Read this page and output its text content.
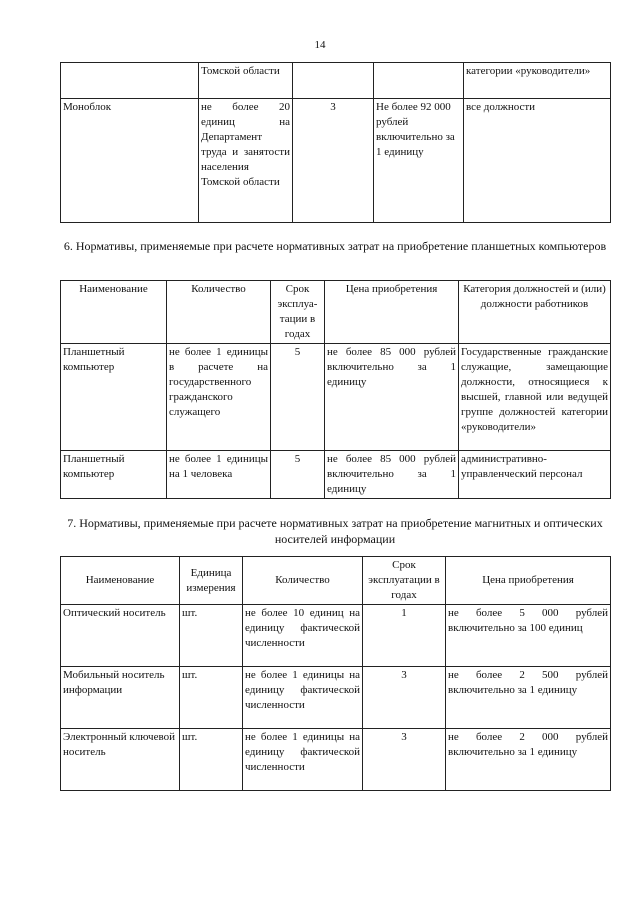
14
	Томской области			категории «руководители»
Моноблок	не более 20 единиц на Департамент труда и занятости населения Томской области	3	Не более 92 000 рублей включительно за 1 единицу	все должности
6. Нормативы, применяемые при расчете нормативных затрат на приобретение планшетных компьютеров
Наименование	Количество	Срок эксплуа-тации в годах	Цена приобретения	Категория должностей и (или) должности работников
Планшетный компьютер	не более 1 единицы в расчете на государственного гражданского служащего	5	не более 85 000 рублей включительно за 1 единицу	Государственные гражданские служащие, замещающие должности, относящиеся к высшей, главной или ведущей группе должностей категории «руководители»
Планшетный компьютер	не более 1 единицы на 1 человека	5	не более 85 000 рублей включительно за 1 единицу	административно-управленческий персонал
7. Нормативы, применяемые при расчете нормативных затрат на приобретение магнитных и оптических носителей информации
Наименование	Единица измерения	Количество	Срок эксплуатации в годах	Цена приобретения
Оптический носитель	шт.	не более 10 единиц на единицу фактической численности	1	не более 5 000 рублей включительно за 100 единиц
Мобильный носитель информации	шт.	не более 1 единицы на единицу фактической численности	3	не более 2 500 рублей включительно за 1 единицу
Электронный ключевой носитель	шт.	не более 1 единицы на единицу фактической численности	3	не более 2 000 рублей включительно за 1 единицу
